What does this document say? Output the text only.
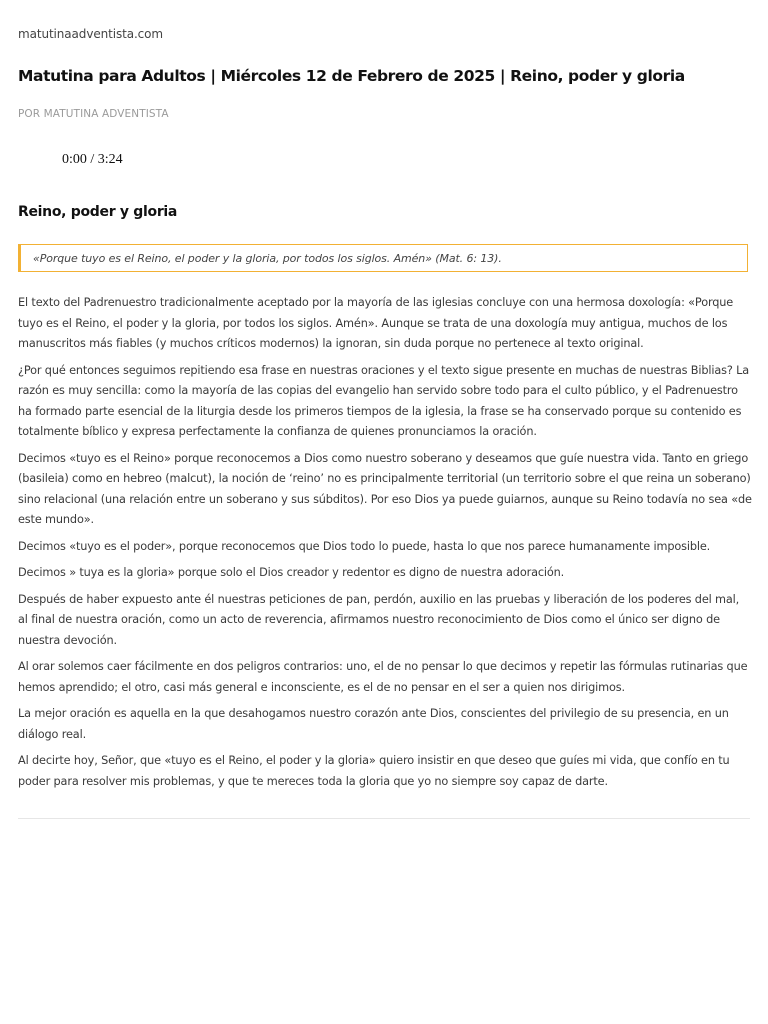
matutinaadventista.com
Matutina para Adultos | Miércoles 12 de Febrero de 2025 | Reino, poder y gloria
POR MATUTINA ADVENTISTA
0:00 / 3:24
Reino, poder y gloria
«Porque tuyo es el Reino, el poder y la gloria, por todos los siglos. Amén» (Mat. 6: 13).

El texto del Padrenuestro tradicionalmente aceptado por la mayoría de las iglesias concluye con una hermosa doxología: «Porque tuyo es el Reino, el poder y la gloria, por todos los siglos. Amén». Aunque se trata de una doxología muy antigua, muchos de los manuscritos más fiables (y muchos críticos modernos) la ignoran, sin duda porque no pertenece al texto original.

¿Por qué entonces seguimos repitiendo esa frase en nuestras oraciones y el texto sigue presente en muchas de nuestras Biblias? La razón es muy sencilla: como la mayoría de las copias del evangelio han servido sobre todo para el culto público, y el Padrenuestro ha formado parte esencial de la liturgia desde los primeros tiempos de la iglesia, la frase se ha conservado porque su contenido es totalmente bíblico y expresa perfectamente la confianza de quienes pronunciamos la oración.

Decimos «tuyo es el Reino» porque reconocemos a Dios como nuestro soberano y deseamos que guíe nuestra vida. Tanto en griego (basileia) como en hebreo (malcut), la noción de ‘reino’ no es principalmente territorial (un territorio sobre el que reina un soberano) sino relacional (una relación entre un soberano y sus súbditos). Por eso Dios ya puede guiarnos, aunque su Reino todavía no sea «de este mundo».

Decimos «tuyo es el poder», porque reconocemos que Dios todo lo puede, hasta lo que nos parece humanamente imposible.

Decimos » tuya es la gloria» porque solo el Dios creador y redentor es digno de nuestra adoración.

Después de haber expuesto ante él nuestras peticiones de pan, perdón, auxilio en las pruebas y liberación de los poderes del mal, al final de nuestra oración, como un acto de reverencia, afirmamos nuestro reconocimiento de Dios como el único ser digno de nuestra devoción.

Al orar solemos caer fácilmente en dos peligros contrarios: uno, el de no pensar lo que decimos y repetir las fórmulas rutinarias que hemos aprendido; el otro, casi más general e inconsciente, es el de no pensar en el ser a quien nos dirigimos.

La mejor oración es aquella en la que desahogamos nuestro corazón ante Dios, conscientes del privilegio de su presencia, en un diálogo real.

Al decirte hoy, Señor, que «tuyo es el Reino, el poder y la gloria» quiero insistir en que deseo que guíes mi vida, que confío en tu poder para resolver mis problemas, y que te mereces toda la gloria que yo no siempre soy capaz de darte.
